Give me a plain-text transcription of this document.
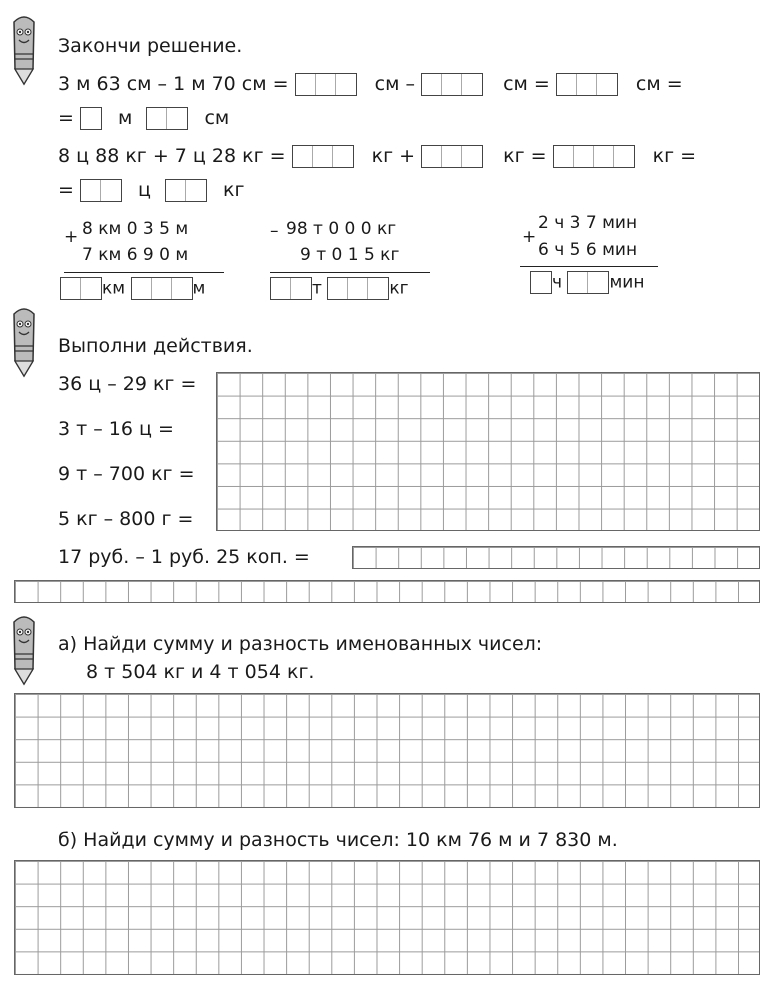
Закончи решение.
3 м 63 см – 1 м 70 см =	см –	см =	см =
= м	см
8 ц 88 кг + 7 ц 28 кг =	кг +	кг =	кг =
=	ц	кг
+ 8 км 0 3 5 м
7 км 6 9 0 м
км	м
– 98 т 0 0 0 кг
9 т 0 1 5 кг
т	кг
+
2 ч 3 7 мин
6 ч 5 6 мин
ч	мин
Выполни действия.
36 ц – 29 кг =
3 т – 16 ц =
9 т – 700 кг =
5 кг – 800 г =
17 руб. – 1 руб. 25 коп. =
а) Найди сумму и разность именованных чисел:
8 т 504 кг и 4 т 054 кг.
б) Найди сумму и разность чисел: 10 км 76 м и 7 830 м.
